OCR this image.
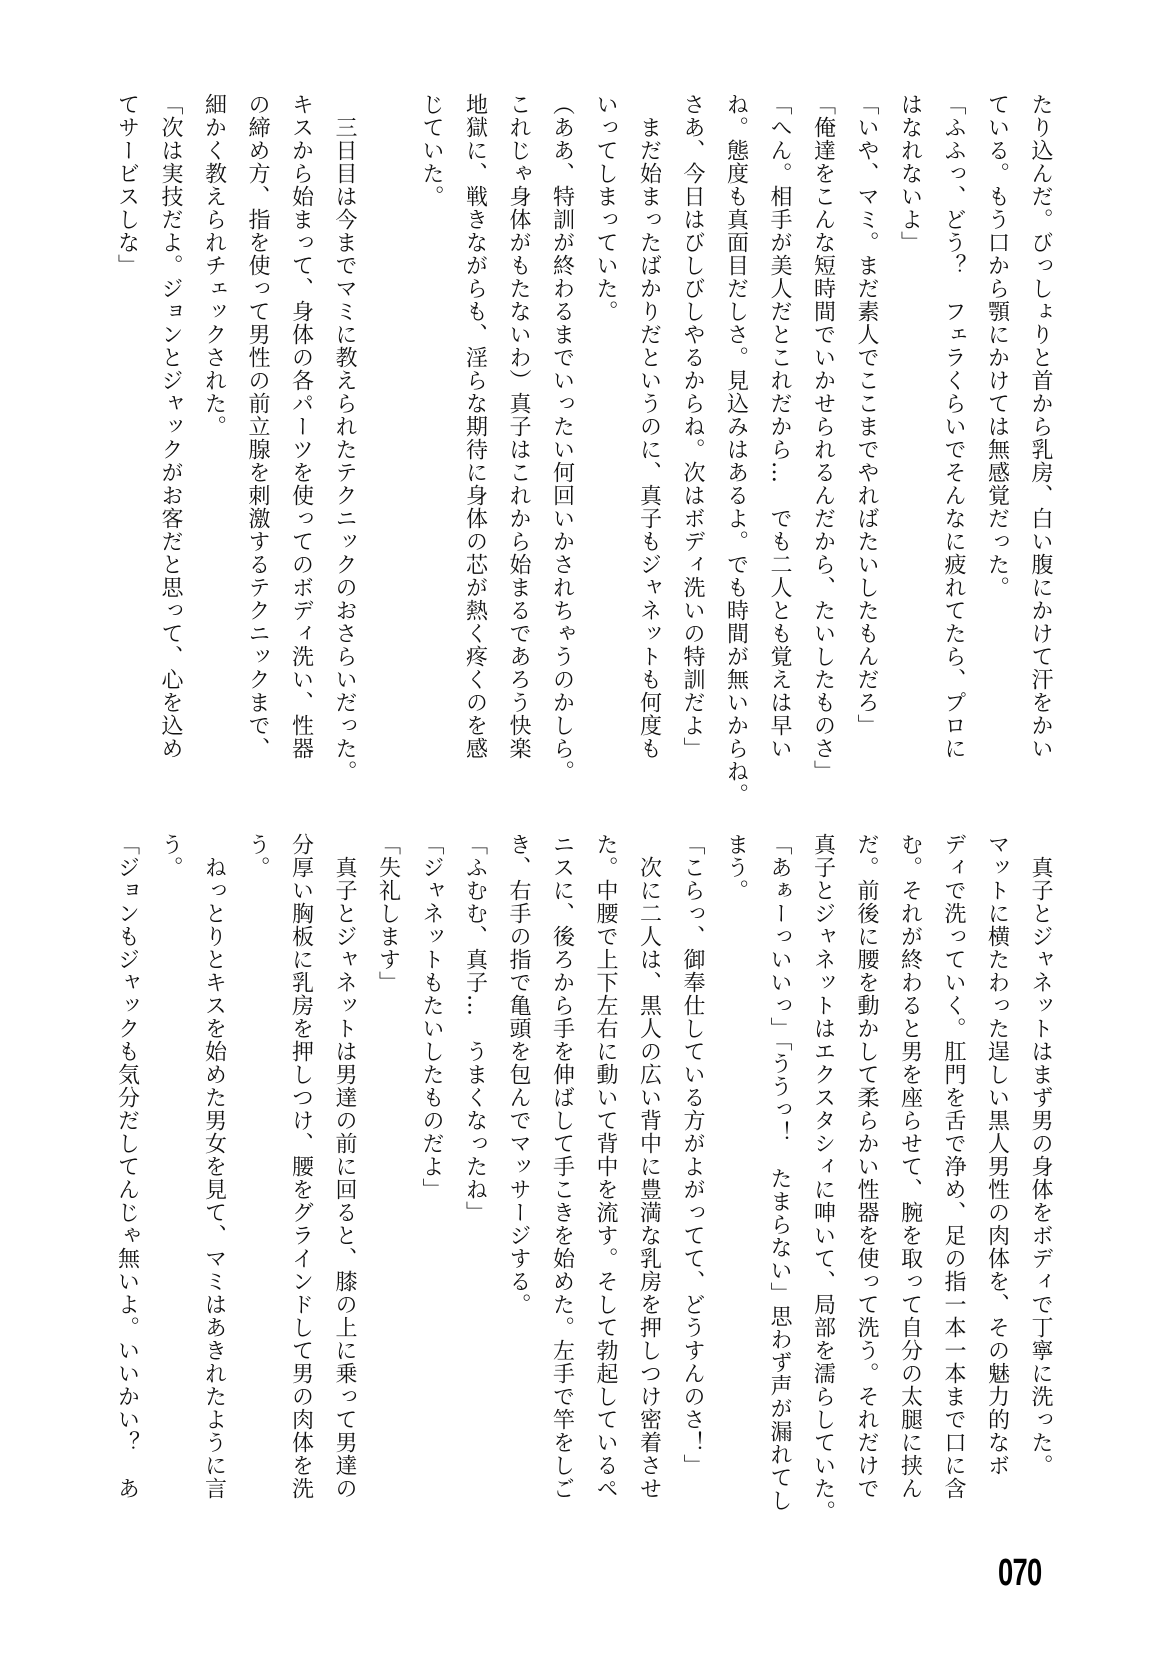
たり込んだ。びっしょりと首から乳房、白い腹にかけて汗をかい
ている。もう口から顎にかけては無感覚だった。
「ふふっ、どう？　フェラくらいでそんなに疲れてたら、プロに
はなれないよ」
「いや、マミ。まだ素人でここまでやればたいしたもんだろ」
「俺達をこんな短時間でいかせられるんだから、たいしたものさ」
「へん。相手が美人だとこれだから…　でも二人とも覚えは早い
ね。態度も真面目だしさ。見込みはあるよ。でも時間が無いからね。
さあ、今日はびしびしやるからね。次はボディ洗いの特訓だよ」
　まだ始まったばかりだというのに、真子もジャネットも何度も
いってしまっていた。
（ああ、特訓が終わるまでいったい何回いかされちゃうのかしら。
これじゃ身体がもたないわ）真子はこれから始まるであろう快楽
地獄に、戦きながらも、淫らな期待に身体の芯が熱く疼くのを感
じていた。
　三日目は今までマミに教えられたテクニックのおさらいだった。
キスから始まって、身体の各パーツを使ってのボディ洗い、性器
の締め方、指を使って男性の前立腺を刺激するテクニックまで、
細かく教えられチェックされた。
「次は実技だよ。ジョンとジャックがお客だと思って、心を込め
てサービスしな」
　真子とジャネットはまず男の身体をボディで丁寧に洗った。
マットに横たわった逞しい黒人男性の肉体を、その魅力的なボ
ディで洗っていく。肛門を舌で浄め、足の指一本一本まで口に含
む。それが終わると男を座らせて、腕を取って自分の太腿に挟ん
だ。前後に腰を動かして柔らかい性器を使って洗う。それだけで
真子とジャネットはエクスタシィに呻いて、局部を濡らしていた。
「あぁーっいいっ」「ううっ！　たまらない」思わず声が漏れてし
まう。
「こらっ、御奉仕している方がよがってて、どうすんのさ！」
　次に二人は、黒人の広い背中に豊満な乳房を押しつけ密着させ
た。中腰で上下左右に動いて背中を流す。そして勃起しているペ
ニスに、後ろから手を伸ばして手こきを始めた。左手で竿をしご
き、右手の指で亀頭を包んでマッサージする。
「ふむむ、真子…　うまくなったね」
「ジャネットもたいしたものだよ」
「失礼します」
　真子とジャネットは男達の前に回ると、膝の上に乗って男達の
分厚い胸板に乳房を押しつけ、腰をグラインドして男の肉体を洗
う。
　ねっとりとキスを始めた男女を見て、マミはあきれたように言
う。
「ジョンもジャックも気分だしてんじゃ無いよ。いいかい？　あ
070
